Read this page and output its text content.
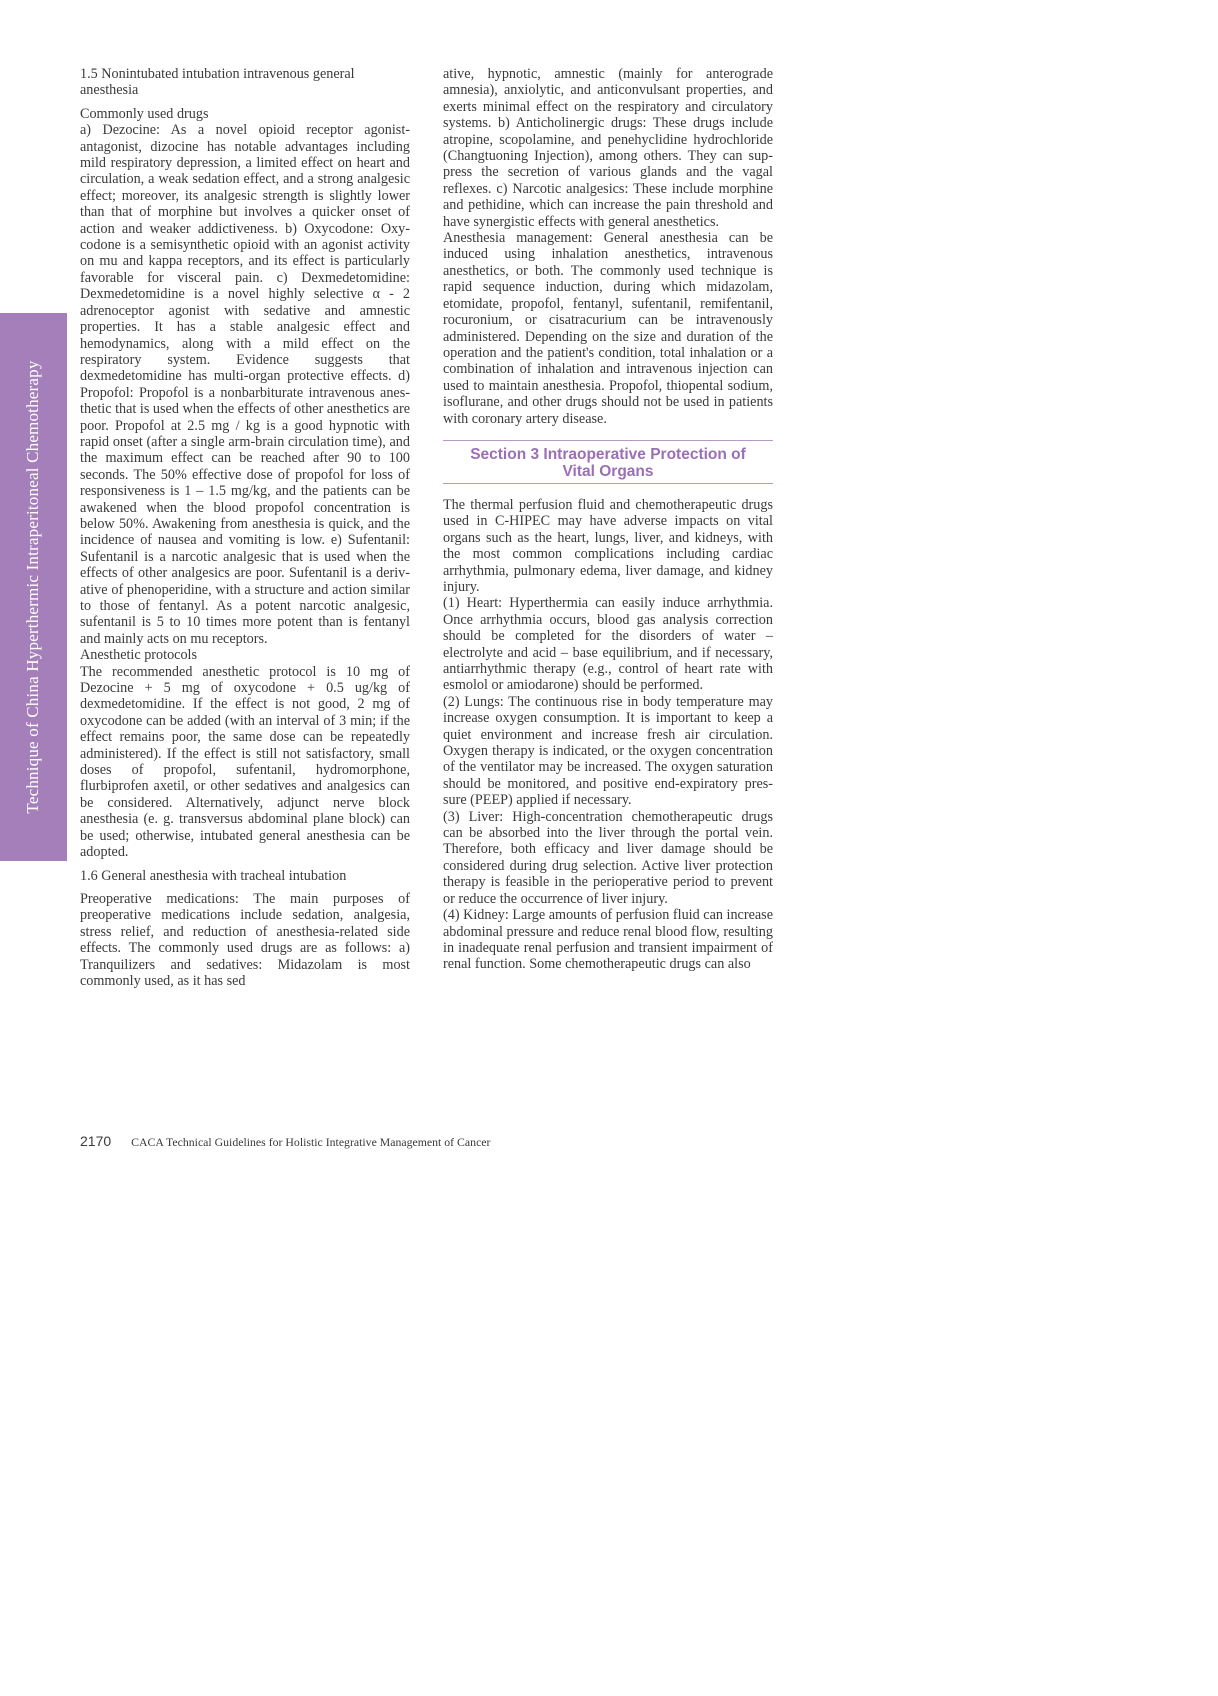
Technique of China Hyperthermic Intraperitoneal Chemotherapy

1.5 Nonintubated intubation intravenous general anesthesia

Commonly used drugs

a) Dezocine: As a novel opioid receptor agonist-antagonist, dizocine has notable advantages including mild respiratory depression, a limited effect on heart and circulation, a weak sedation effect, and a strong analgesic effect; moreover, its analgesic strength is slightly lower than that of morphine but involves a quicker onset of action and weaker addictiveness. b) Oxycodone: Oxycodone is a semisynthetic opioid with an agonist activity on mu and kappa receptors, and its effect is particularly favorable for visceral pain. c) Dexmedetomidine: Dexmedetomidine is a novel highly selective α - 2 adrenoceptor agonist with sedative and amnestic properties. It has a stable analgesic effect and hemodynamics, along with a mild effect on the respiratory system. Evidence suggests that dexmedetomidine has multi-organ protective effects. d) Propofol: Propofol is a nonbarbiturate intravenous anesthetic that is used when the effects of other anesthetics are poor. Propofol at 2.5 mg / kg is a good hypnotic with rapid onset (after a single arm-brain circulation time), and the maximum effect can be reached after 90 to 100 seconds. The 50% effective dose of propofol for loss of responsiveness is 1 – 1.5 mg/kg, and the patients can be awakened when the blood propofol concentration is below 50%. Awakening from anesthesia is quick, and the incidence of nausea and vomiting is low. e) Sufentanil: Sufentanil is a narcotic analgesic that is used when the effects of other analgesics are poor. Sufentanil is a derivative of phenoperidine, with a structure and action similar to those of fentanyl. As a potent narcotic analgesic, sufentanil is 5 to 10 times more potent than is fentanyl and mainly acts on mu receptors.

Anesthetic protocols

The recommended anesthetic protocol is 10 mg of Dezocine + 5 mg of oxycodone + 0.5 ug/kg of dexmedetomidine. If the effect is not good, 2 mg of oxycodone can be added (with an interval of 3 min; if the effect remains poor, the same dose can be repeatedly administered). If the effect is still not satisfactory, small doses of propofol, sufentanil, hydromorphone, flurbiprofen axetil, or other sedatives and analgesics can be considered. Alternatively, adjunct nerve block anesthesia (e. g. transversus abdominal plane block) can be used; otherwise, intubated general anesthesia can be adopted.

1.6 General anesthesia with tracheal intubation

Preoperative medications: The main purposes of preoperative medications include sedation, analgesia, stress relief, and reduction of anesthesia-related side effects. The commonly used drugs are as follows: a) Tranquilizers and sedatives: Midazolam is most commonly used, as it has sed

ative, hypnotic, amnestic (mainly for anterograde amnesia), anxiolytic, and anticonvulsant properties, and exerts minimal effect on the respiratory and circulatory systems. b) Anticholinergic drugs: These drugs include atropine, scopolamine, and penehyclidine hydrochloride (Changtuoning Injection), among others. They can suppress the secretion of various glands and the vagal reflexes. c) Narcotic analgesics: These include morphine and pethidine, which can increase the pain threshold and have synergistic effects with general anesthetics.

Anesthesia management: General anesthesia can be induced using inhalation anesthetics, intravenous anesthetics, or both. The commonly used technique is rapid sequence induction, during which midazolam, etomidate, propofol, fentanyl, sufentanil, remifentanil, rocuronium, or cisatracurium can be intravenously administered. Depending on the size and duration of the operation and the patient's condition, total inhalation or a combination of inhalation and intravenous injection can used to maintain anesthesia. Propofol, thiopental sodium, isoflurane, and other drugs should not be used in patients with coronary artery disease.

Section 3 Intraoperative Protection of
Vital Organs

The thermal perfusion fluid and chemotherapeutic drugs used in C-HIPEC may have adverse impacts on vital organs such as the heart, lungs, liver, and kidneys, with the most common complications including cardiac arrhythmia, pulmonary edema, liver damage, and kidney injury.

(1) Heart: Hyperthermia can easily induce arrhythmia. Once arrhythmia occurs, blood gas analysis correction should be completed for the disorders of water – electrolyte and acid – base equilibrium, and if necessary, antiarrhythmic therapy (e.g., control of heart rate with esmolol or amiodarone) should be performed.

(2) Lungs: The continuous rise in body temperature may increase oxygen consumption. It is important to keep a quiet environment and increase fresh air circulation. Oxygen therapy is indicated, or the oxygen concentration of the ventilator may be increased. The oxygen saturation should be monitored, and positive end-expiratory pressure (PEEP) applied if necessary.

(3) Liver: High-concentration chemotherapeutic drugs can be absorbed into the liver through the portal vein. Therefore, both efficacy and liver damage should be considered during drug selection. Active liver protection therapy is feasible in the perioperative period to prevent or reduce the occurrence of liver injury.

(4) Kidney: Large amounts of perfusion fluid can increase abdominal pressure and reduce renal blood flow, resulting in inadequate renal perfusion and transient impairment of renal function. Some chemotherapeutic drugs can also

2170 CACA Technical Guidelines for Holistic Integrative Management of Cancer
